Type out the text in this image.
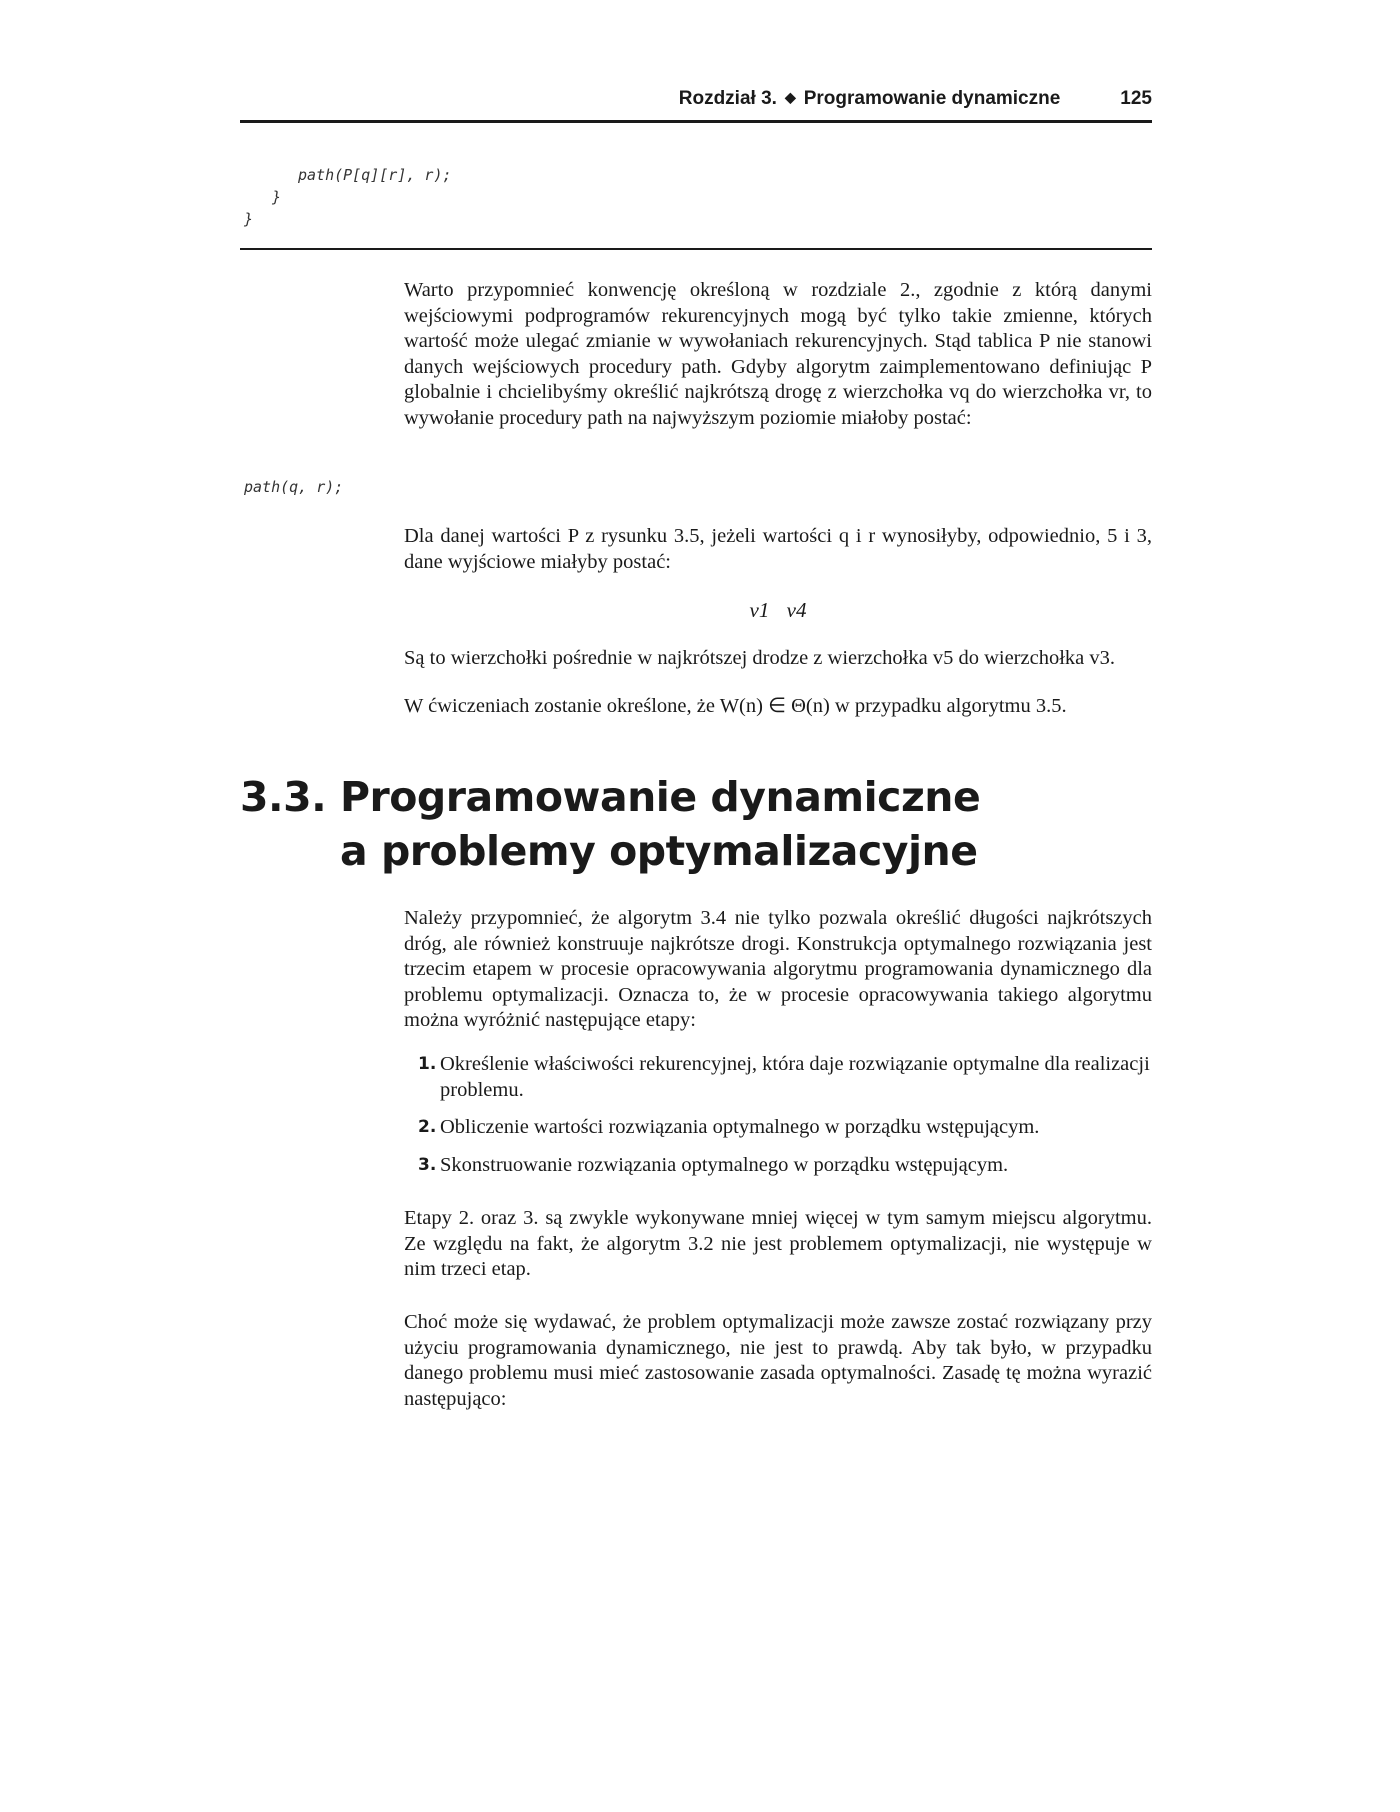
Rozdział 3. ◆ Programowanie dynamiczne	125
path(P[q][r], r);
}
}

Warto przypomnieć konwencję określoną w rozdziale 2., zgodnie z którą danymi wejściowymi podprogramów rekurencyjnych mogą być tylko takie zmienne, których wartość może ulegać zmianie w wywołaniach rekurencyjnych. Stąd tablica P nie stanowi danych wejściowych procedury path. Gdyby algorytm zaimplementowano definiując P globalnie i chcielibyśmy określić najkrótszą drogę z wierzchołka vq do wierzchołka vr, to wywołanie procedury path na najwyższym poziomie miałoby postać:

path(q, r);

Dla danej wartości P z rysunku 3.5, jeżeli wartości q i r wynosiłyby, odpowiednio, 5 i 3, dane wyjściowe miałyby postać:

v1 v4

Są to wierzchołki pośrednie w najkrótszej drodze z wierzchołka v5 do wierzchołka v3.

W ćwiczeniach zostanie określone, że W(n) ∈ Θ(n) w przypadku algorytmu 3.5.

3.3. Programowanie dynamiczne
a problemy optymalizacyjne

Należy przypomnieć, że algorytm 3.4 nie tylko pozwala określić długości najkrótszych dróg, ale również konstruuje najkrótsze drogi. Konstrukcja optymalnego rozwiązania jest trzecim etapem w procesie opracowywania algorytmu programowania dynamicznego dla problemu optymalizacji. Oznacza to, że w procesie opracowywania takiego algorytmu można wyróżnić następujące etapy:

1. Określenie właściwości rekurencyjnej, która daje rozwiązanie optymalne dla realizacji problemu.
2. Obliczenie wartości rozwiązania optymalnego w porządku wstępującym.
3. Skonstruowanie rozwiązania optymalnego w porządku wstępującym.

Etapy 2. oraz 3. są zwykle wykonywane mniej więcej w tym samym miejscu algorytmu. Ze względu na fakt, że algorytm 3.2 nie jest problemem optymalizacji, nie występuje w nim trzeci etap.

Choć może się wydawać, że problem optymalizacji może zawsze zostać rozwiązany przy użyciu programowania dynamicznego, nie jest to prawdą. Aby tak było, w przypadku danego problemu musi mieć zastosowanie zasada optymalności. Zasadę tę można wyrazić następująco:
